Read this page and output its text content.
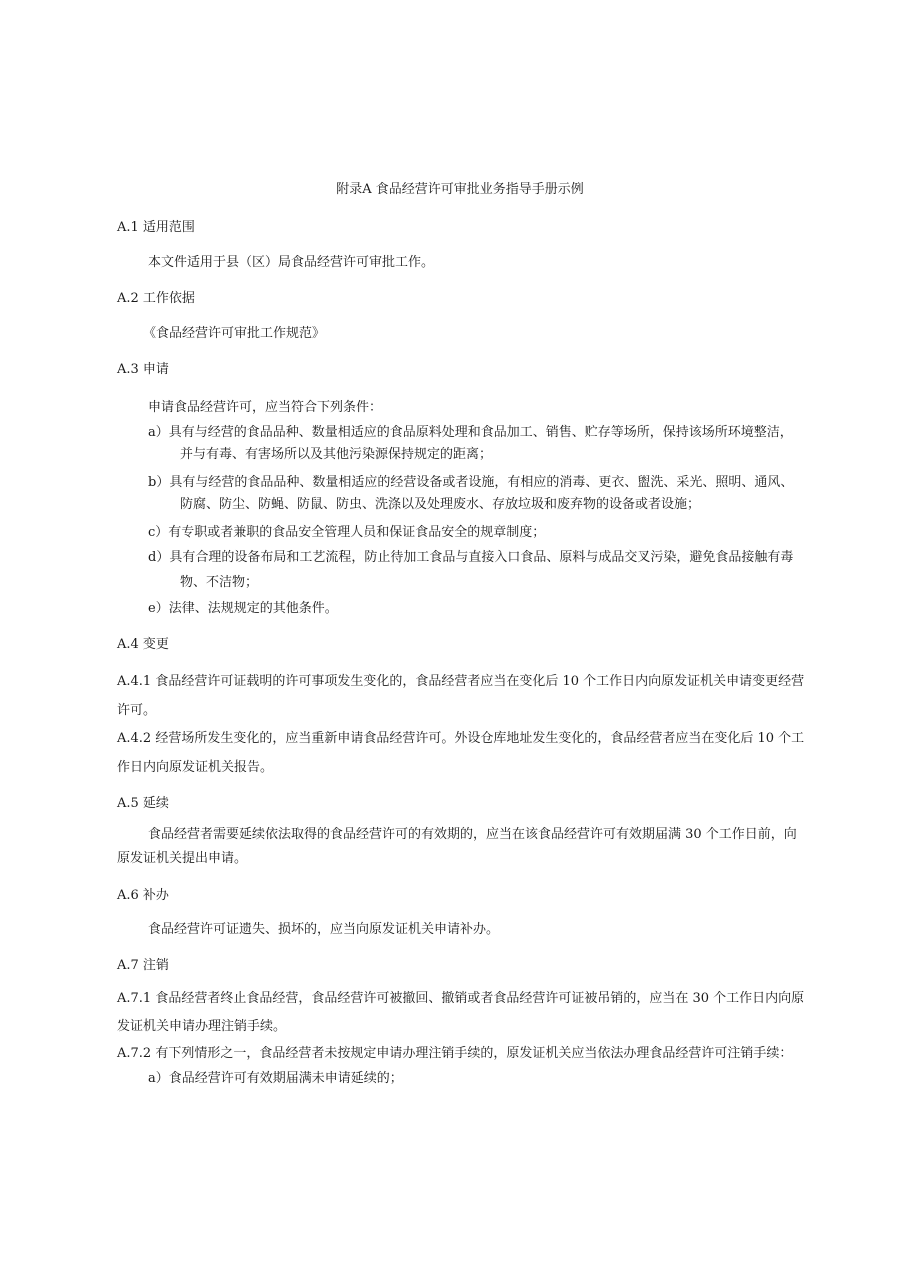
附录A 食品经营许可审批业务指导手册示例
A.1 适用范围
本文件适用于县（区）局食品经营许可审批工作。
A.2 工作依据
《食品经营许可审批工作规范》
A.3 申请
申请食品经营许可，应当符合下列条件：
a）具有与经营的食品品种、数量相适应的食品原料处理和食品加工、销售、贮存等场所，保持该场所环境整洁，
并与有毒、有害场所以及其他污染源保持规定的距离；
b）具有与经营的食品品种、数量相适应的经营设备或者设施，有相应的消毒、更衣、盥洗、采光、照明、通风、
防腐、防尘、防蝇、防鼠、防虫、洗涤以及处理废水、存放垃圾和废弃物的设备或者设施；
c）有专职或者兼职的食品安全管理人员和保证食品安全的规章制度；
d）具有合理的设备布局和工艺流程，防止待加工食品与直接入口食品、原料与成品交叉污染，避免食品接触有毒
物、不洁物；
e）法律、法规规定的其他条件。
A.4 变更
A.4.1 食品经营许可证载明的许可事项发生变化的，食品经营者应当在变化后 10 个工作日内向原发证机关申请变更经营
许可。
A.4.2 经营场所发生变化的，应当重新申请食品经营许可。外设仓库地址发生变化的，食品经营者应当在变化后 10 个工
作日内向原发证机关报告。
A.5 延续
食品经营者需要延续依法取得的食品经营许可的有效期的，应当在该食品经营许可有效期届满 30 个工作日前，向
原发证机关提出申请。
A.6 补办
食品经营许可证遗失、损坏的，应当向原发证机关申请补办。
A.7 注销
A.7.1 食品经营者终止食品经营，食品经营许可被撤回、撤销或者食品经营许可证被吊销的，应当在 30 个工作日内向原
发证机关申请办理注销手续。
A.7.2 有下列情形之一，食品经营者未按规定申请办理注销手续的，原发证机关应当依法办理食品经营许可注销手续：
a）食品经营许可有效期届满未申请延续的；
